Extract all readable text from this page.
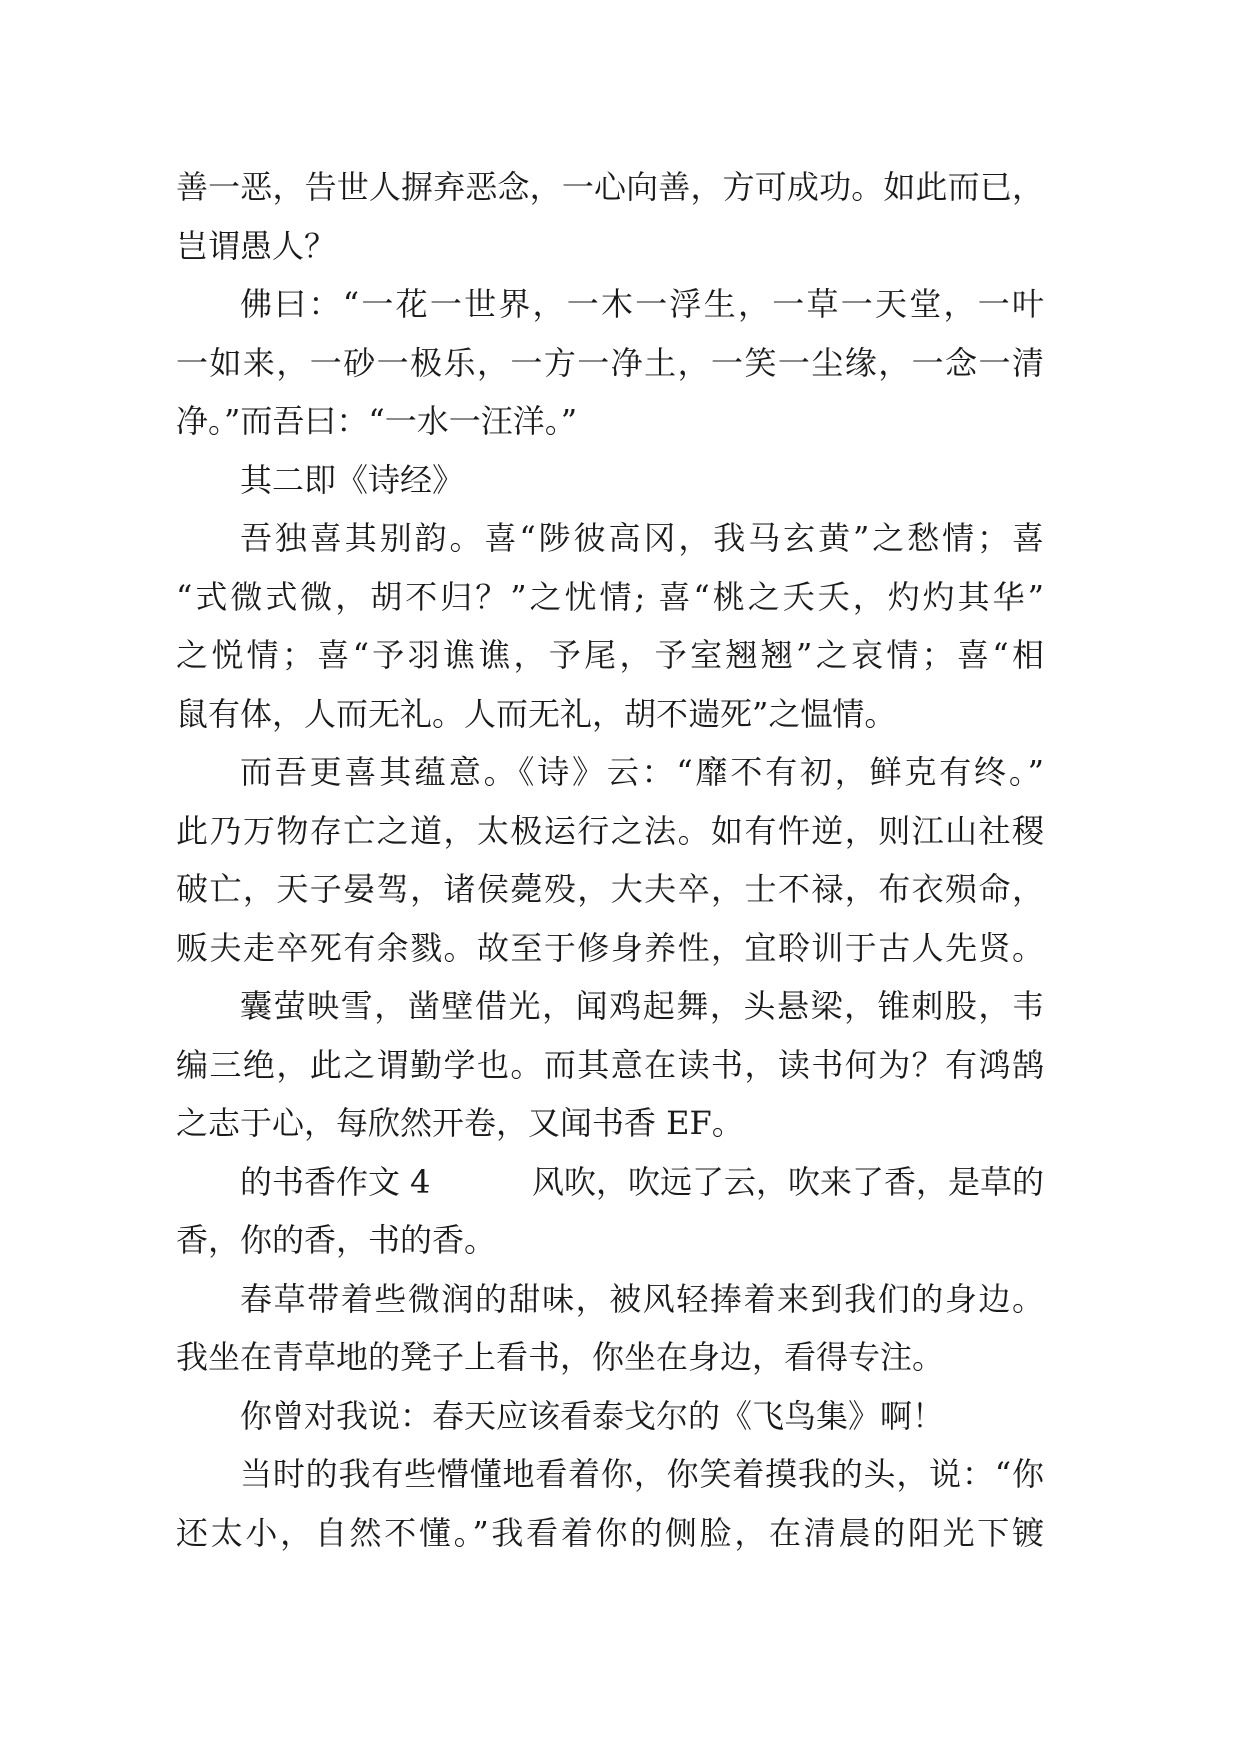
善一恶，告世人摒弃恶念，一心向善，方可成功。如此而已，
岂谓愚人？
佛曰：“一花一世界，一木一浮生，一草一天堂，一叶
一如来，一砂一极乐，一方一净土，一笑一尘缘，一念一清
净。”而吾曰：“一水一汪洋。”
其二即《诗经》
吾独喜其别韵。喜“陟彼高冈，我马玄黄”之愁情；喜
“式微式微，胡不归？”之忧情; 喜“桃之夭夭，灼灼其华”
之悦情；喜“予羽谯谯，予尾，予室翘翘”之哀情；喜“相
鼠有体，人而无礼。人而无礼，胡不遄死”之愠情。
而吾更喜其蕴意。《诗》云：“靡不有初，鲜克有终。”
此乃万物存亡之道，太极运行之法。如有忤逆，则江山社稷
破亡，天子晏驾，诸侯薨殁，大夫卒，士不禄，布衣殒命，
贩夫走卒死有余戮。故至于修身养性，宜聆训于古人先贤。
囊萤映雪，凿壁借光，闻鸡起舞，头悬梁，锥刺股，韦
编三绝，此之谓勤学也。而其意在读书，读书何为？有鸿鹄
之志于心，每欣然开卷，又闻书香 EF。
的书香作文 4	风吹，吹远了云，吹来了香，是草的
香，你的香，书的香。
春草带着些微润的甜味，被风轻捧着来到我们的身边。
我坐在青草地的凳子上看书，你坐在身边，看得专注。
你曾对我说：春天应该看泰戈尔的《飞鸟集》啊！
当时的我有些懵懂地看着你，你笑着摸我的头，说：“你
还太小，自然不懂。”我看着你的侧脸，在清晨的阳光下镀
